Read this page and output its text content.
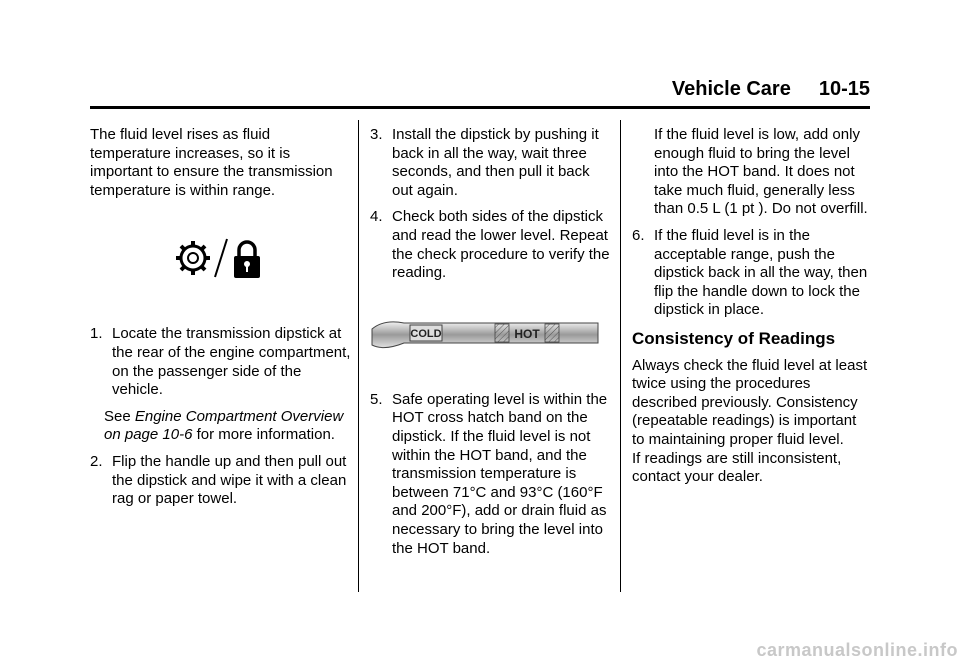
Vehicle Care 10-15

The fluid level rises as fluid temperature increases, so it is important to ensure the transmission temperature is within range.

1. Locate the transmission dipstick at the rear of the engine compartment, on the passenger side of the vehicle.

See Engine Compartment Overview on page 10-6 for more information.

2. Flip the handle up and then pull out the dipstick and wipe it with a clean rag or paper towel.
3. Install the dipstick by pushing it back in all the way, wait three seconds, and then pull it back out again.
4. Check both sides of the dipstick and read the lower level. Repeat the check procedure to verify the reading.
COLD	HOT
5. Safe operating level is within the HOT cross hatch band on the dipstick. If the fluid level is not within the HOT band, and the transmission temperature is between 71°C and 93°C (160°F and 200°F), add or drain fluid as necessary to bring the level into the HOT band.
If the fluid level is low, add only enough fluid to bring the level into the HOT band. It does not take much fluid, generally less than 0.5 L (1 pt ). Do not overfill.
6. If the fluid level is in the acceptable range, push the dipstick back in all the way, then flip the handle down to lock the dipstick in place.
Consistency of Readings

Always check the fluid level at least twice using the procedures described previously. Consistency (repeatable readings) is important to maintaining proper fluid level.

If readings are still inconsistent, contact your dealer.

carmanualsonline.info
